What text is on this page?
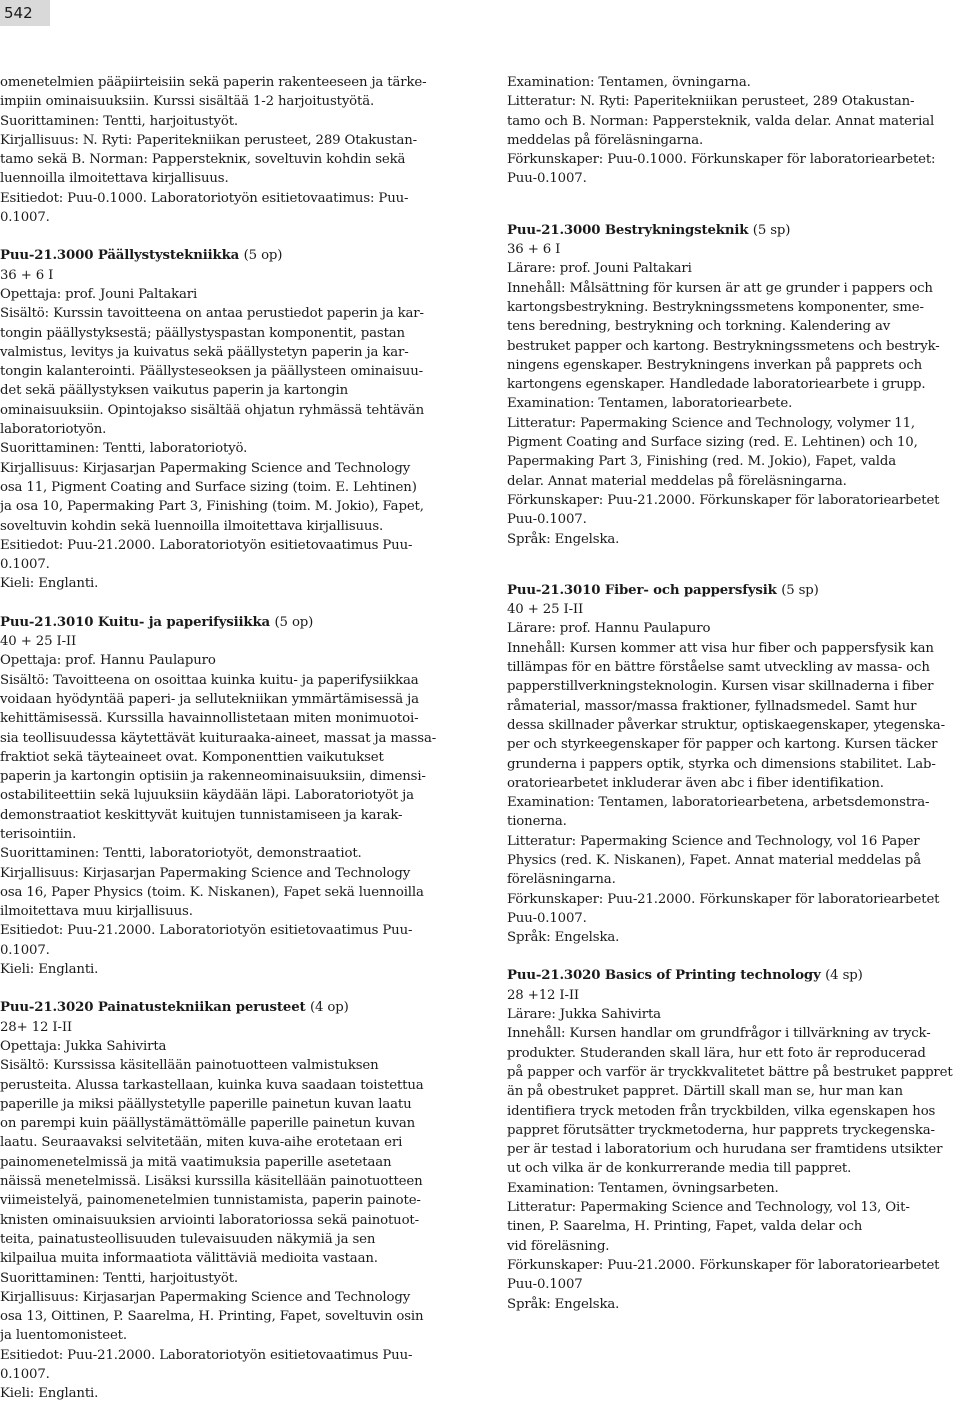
542
omenetelmien pääpiirteisiin sekä paperin rakenteeseen ja tärke-
impiin ominaisuuksiin. Kurssi sisältää 1-2 harjoitustyötä.
Suorittaminen: Tentti, harjoitustyöt.
Kirjallisuus: N. Ryti: Paperitekniikan perusteet, 289 Otakustan-
tamo sekä B. Norman: Papperstekniк, soveltuvin kohdin sekä
luennoilla ilmoitettava kirjallisuus.
Esitiedot: Puu-0.1000. Laboratoriotyön esitietovaatimus: Puu-
0.1007.
Puu-21.3000 Päällystystekniikka (5 op)
36 + 6 I
Opettaja: prof. Jouni Paltakari
Sisältö: Kurssin tavoitteena on antaa perustiedot paperin ja kar-
tongin päällystyksestä; päällystyspastan komponentit, pastan
valmistus, levitys ja kuivatus sekä päällystetyn paperin ja kar-
tongin kalanterointi. Päällysteseoksen ja päällysteen ominaisuu-
det sekä päällystyksen vaikutus paperin ja kartongin
ominaisuuksiin. Opintojakso sisältää ohjatun ryhmässä tehtävän
laboratoriotyön.
Suorittaminen: Tentti, laboratoriotyö.
Kirjallisuus: Kirjasarjan Papermaking Science and Technology
osa 11, Pigment Coating and Surface sizing (toim. E. Lehtinen)
ja osa 10, Papermaking Part 3, Finishing (toim. M. Jokio), Fapet,
soveltuvin kohdin sekä luennoilla ilmoitettava kirjallisuus.
Esitiedot: Puu-21.2000. Laboratoriotyön esitietovaatimus Puu-
0.1007.
Kieli: Englanti.
Puu-21.3010 Kuitu- ja paperifysiikka (5 op)
40 + 25 I-II
Opettaja: prof. Hannu Paulapuro
Sisältö: Tavoitteena on osoittaa kuinka kuitu- ja paperifysiikkaa
voidaan hyödyntää paperi- ja sellutekniikan ymmärtämisessä ja
kehittämisessä. Kurssilla havainnollistetaan miten monimuotoi-
sia teollisuudessa käytettävät kuituraaka-aineet, massat ja massa-
fraktiot sekä täyteaineet ovat. Komponenttien vaikutukset
paperin ja kartongin optisiin ja rakenneominaisuuksiin, dimensi-
ostabiliteettiin sekä lujuuksiin käydään läpi. Laboratoriotyöt ja
demonstraatiot keskittyvät kuitujen tunnistamiseen ja karak-
terisointiin.
Suorittaminen: Tentti, laboratoriotyöt, demonstraatiot.
Kirjallisuus: Kirjasarjan Papermaking Science and Technology
osa 16, Paper Physics (toim. K. Niskanen), Fapet sekä luennoilla
ilmoitettava muu kirjallisuus.
Esitiedot: Puu-21.2000. Laboratoriotyön esitietovaatimus Puu-
0.1007.
Kieli: Englanti.
Puu-21.3020 Painatustekniikan perusteet (4 op)
28+ 12 I-II
Opettaja: Jukka Sahivirta
Sisältö: Kurssissa käsitellään painotuotteen valmistuksen
perusteita. Alussa tarkastellaan, kuinka kuva saadaan toistettua
paperille ja miksi päällystetylle paperille painetun kuvan laatu
on parempi kuin päällystämättömälle paperille painetun kuvan
laatu. Seuraavaksi selvitetään, miten kuva-aihe erotetaan eri
painomenetelmissä ja mitä vaatimuksia paperille asetetaan
näissä menetelmissä. Lisäksi kurssilla käsitellään painotuotteen
viimeistelyä, painomenetelmien tunnistamista, paperin painote-
knisten ominaisuuksien arviointi laboratoriossa sekä painotuot-
teita, painatusteollisuuden tulevaisuuden näkymiä ja sen
kilpailua muita informaatiota välittäviä medioita vastaan.
Suorittaminen: Tentti, harjoitustyöt.
Kirjallisuus: Kirjasarjan Papermaking Science and Technology
osa 13, Oittinen, P. Saarelma, H. Printing, Fapet, soveltuvin osin
ja luentomonisteet.
Esitiedot: Puu-21.2000. Laboratoriotyön esitietovaatimus Puu-
0.1007.
Kieli: Englanti.
Examination: Tentamen, övningarna.
Litteratur: N. Ryti: Paperitekniikan perusteet, 289 Otakustan-
tamo och B. Norman: Pappersteknik, valda delar. Annat material
meddelas på föreläsningarna.
Förkunskaper: Puu-0.1000. Förkunskaper för laboratoriearbetet:
Puu-0.1007.
Puu-21.3000 Bestrykningsteknik (5 sp)
36 + 6 I
Lärare: prof. Jouni Paltakari
Innehåll: Målsättning för kursen är att ge grunder i pappers och
kartongsbestrykning. Bestrykningssmetens komponenter, sme-
tens beredning, bestrykning och torkning. Kalendering av
bestruket papper och kartong. Bestrykningssmetens och bestryk-
ningens egenskaper. Bestrykningens inverkan på papprets och
kartongens egenskaper. Handledade laboratoriearbete i grupp.
Examination: Tentamen, laboratoriearbete.
Litteratur: Papermaking Science and Technology, volymer 11,
Pigment Coating and Surface sizing (red. E. Lehtinen) och 10,
Papermaking Part 3, Finishing (red. M. Jokio), Fapet, valda
delar. Annat material meddelas på föreläsningarna.
Förkunskaper: Puu-21.2000. Förkunskaper för laboratoriearbetet
Puu-0.1007.
Språk: Engelska.
Puu-21.3010 Fiber- och pappersfysik (5 sp)
40 + 25 I-II
Lärare: prof. Hannu Paulapuro
Innehåll: Kursen kommer att visa hur fiber och pappersfysik kan
tillämpas för en bättre förståelse samt utveckling av massa- och
papperstillverkningsteknologin. Kursen visar skillnaderna i fiber
råmaterial, massor/massa fraktioner, fyllnadsmedel. Samt hur
dessa skillnader påverkar struktur, optiskaegenskaper, ytegenska-
per och styrkeegenskaper för papper och kartong. Kursen täcker
grunderna i pappers optik, styrka och dimensions stabilitet. Lab-
oratoriearbetet inkluderar även abc i fiber identifikation.
Examination: Tentamen, laboratoriearbetena, arbetsdemonstra-
tionerna.
Litteratur: Papermaking Science and Technology, vol 16 Paper
Physics (red. K. Niskanen), Fapet. Annat material meddelas på
föreläsningarna.
Förkunskaper: Puu-21.2000. Förkunskaper för laboratoriearbetet
Puu-0.1007.
Språk: Engelska.
Puu-21.3020 Basics of Printing technology (4 sp)
28 +12 I-II
Lärare: Jukka Sahivirta
Innehåll: Kursen handlar om grundfrågor i tillvärkning av tryck-
produkter. Studeranden skall lära, hur ett foto är reproducerad
på papper och varför är tryckkvalitetet bättre på bestruket pappret
än på obestruket pappret. Därtill skall man se, hur man kan
identifiera tryck metoden från tryckbilden, vilka egenskapen hos
pappret förutsätter tryckmetoderna, hur papprets tryckegenska-
per är testad i laboratorium och hurudana ser framtidens utsikter
ut och vilka är de konkurrerande media till pappret.
Examination: Tentamen, övningsarbeten.
Litteratur: Papermaking Science and Technology, vol 13, Oit-
tinen, P. Saarelma, H. Printing, Fapet, valda delar och
vid föreläsning.
Förkunskaper: Puu-21.2000. Förkunskaper för laboratoriearbetet
Puu-0.1007
Språk: Engelska.
